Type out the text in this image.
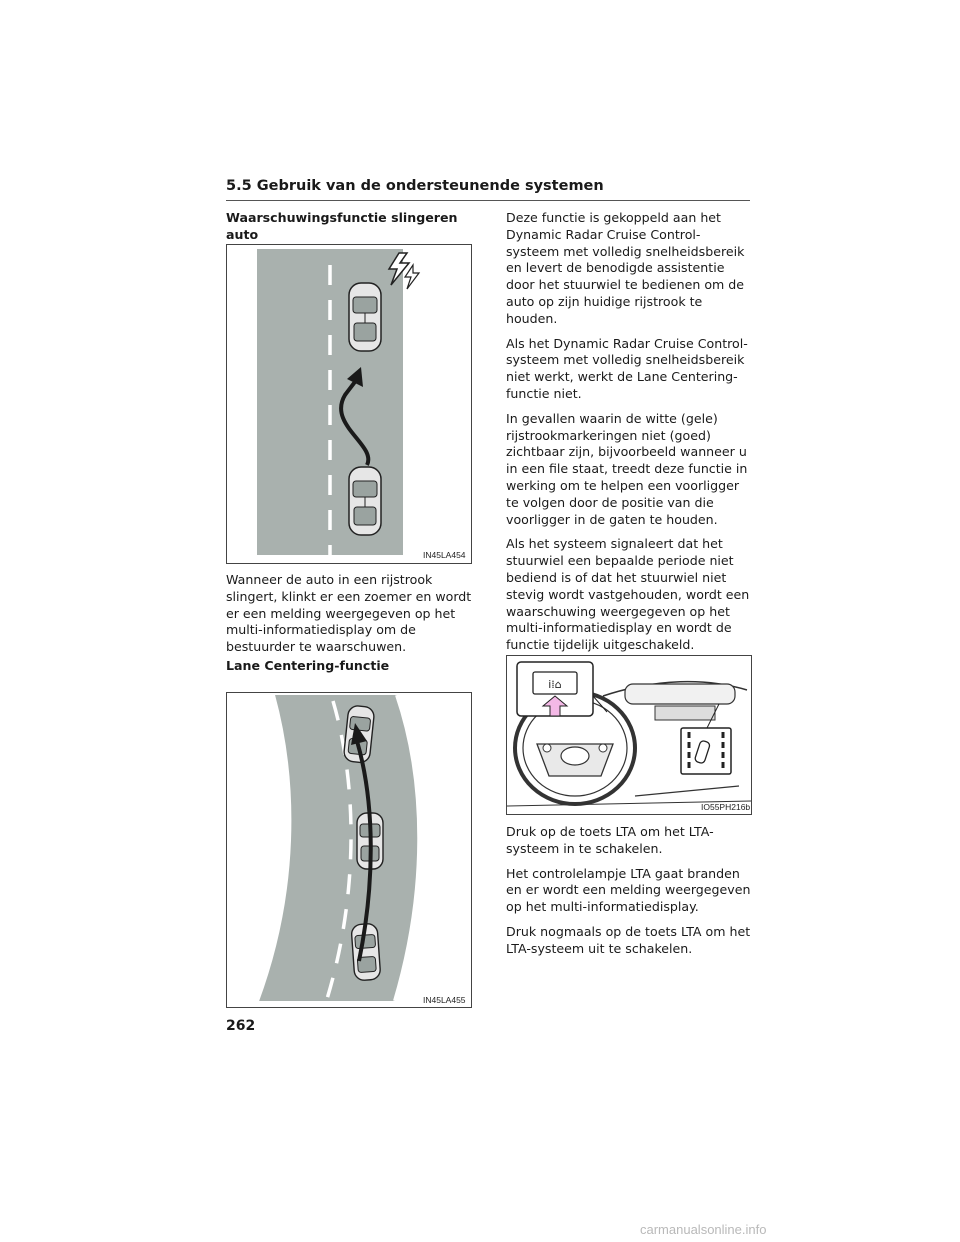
5.5 Gebruik van de ondersteunende systemen
Waarschuwingsfunctie slingeren auto
IN45LA454
Wanneer de auto in een rijstrook slingert, klinkt er een zoemer en wordt er een melding weergegeven op het multi-informatiedisplay om de bestuurder te waarschuwen.
Lane Centering-functie
IN45LA455

Deze functie is gekoppeld aan het Dynamic Radar Cruise Control-systeem met volledig snelheidsbereik en levert de benodigde assistentie door het stuurwiel te bedienen om de auto op zijn huidige rijstrook te houden.

Als het Dynamic Radar Cruise Control-systeem met volledig snelheidsbereik niet werkt, werkt de Lane Centering-functie niet.

In gevallen waarin de witte (gele) rijstrookmarkeringen niet (goed) zichtbaar zijn, bijvoorbeeld wanneer u in een file staat, treedt deze functie in werking om te helpen een voorligger te volgen door de positie van die voorligger in de gaten te houden.

Als het systeem signaleert dat het stuurwiel een bepaalde periode niet bediend is of dat het stuurwiel niet stevig wordt vastgehouden, wordt een waarschuwing weergegeven op het multi-informatiedisplay en wordt de functie tijdelijk uitgeschakeld.

i⁞⌂
IO55PH216b

Druk op de toets LTA om het LTA-systeem in te schakelen.

Het controlelampje LTA gaat branden en er wordt een melding weergegeven op het multi-informatiedisplay.

Druk nogmaals op de toets LTA om het LTA-systeem uit te schakelen.

262
carmanualsonline.info
